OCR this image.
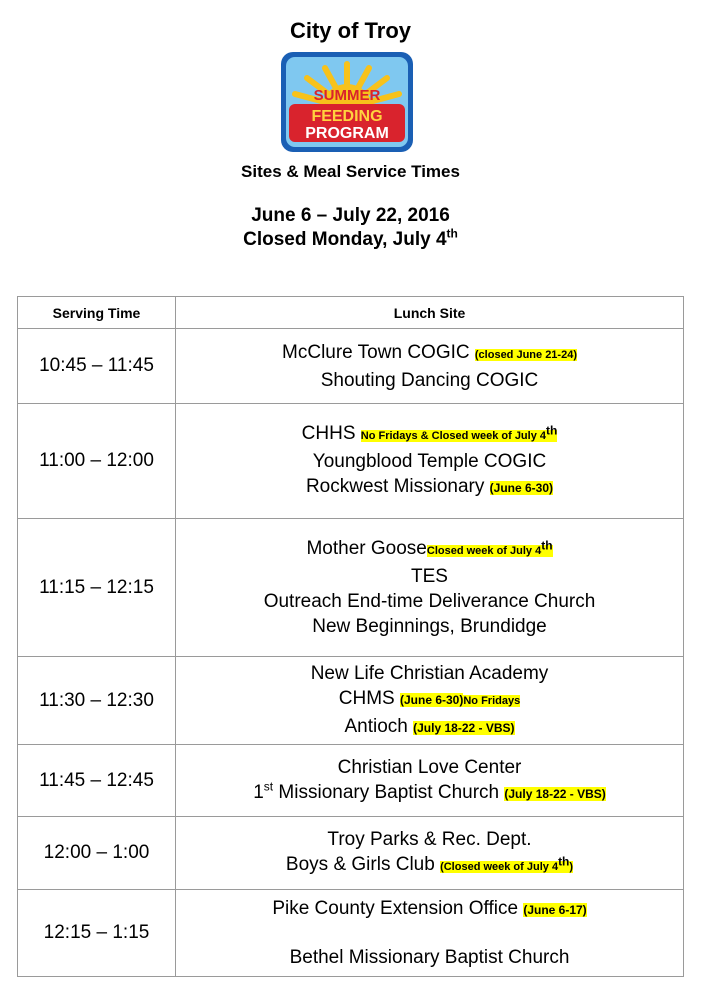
City of Troy
SUMMER
FEEDING
PROGRAM
Sites & Meal Service Times
June 6 – July 22, 2016
Closed Monday, July 4th
Serving Time	Lunch Site
10:45 – 11:45	McClure Town COGIC (closed June 21-24)
Shouting Dancing COGIC

11:00 – 12:00	CHHS No Fridays & Closed week of July 4th
Youngblood Temple COGIC
Rockwest Missionary (June 6-30)

11:15 – 12:15	Mother GooseClosed week of July 4th
TES
Outreach End-time Deliverance Church
New Beginnings, Brundidge

11:30 – 12:30	New Life Christian Academy
CHMS (June 6-30)No Fridays
Antioch (July 18-22 - VBS)

11:45 – 12:45	Christian Love Center
1st Missionary Baptist Church (July 18-22 - VBS)

12:00 – 1:00	Troy Parks & Rec. Dept.
Boys & Girls Club (Closed week of July 4th)

12:15 – 1:15	Pike County Extension Office (June 6-17)
Bethel Missionary Baptist Church
